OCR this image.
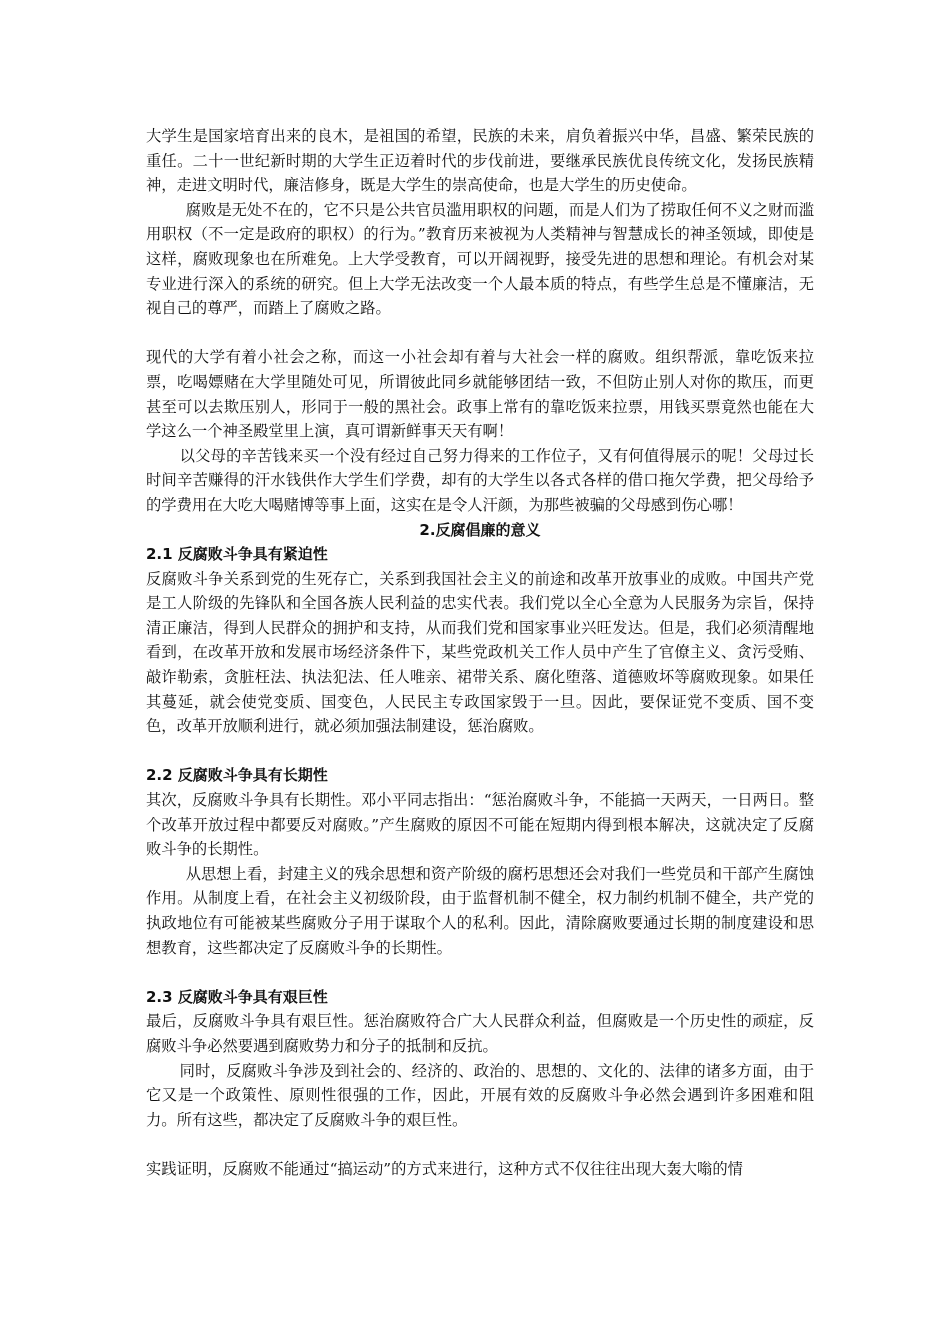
大学生是国家培育出来的良木，是祖国的希望，民族的未来，肩负着振兴中华，昌盛、繁荣民族的重任。二十一世纪新时期的大学生正迈着时代的步伐前进，要继承民族优良传统文化，发扬民族精神，走进文明时代，廉洁修身，既是大学生的崇高使命，也是大学生的历史使命。

腐败是无处不在的，它不只是公共官员滥用职权的问题，而是人们为了捞取任何不义之财而滥用职权（不一定是政府的职权）的行为。”教育历来被视为人类精神与智慧成长的神圣领域，即使是这样，腐败现象也在所难免。上大学受教育，可以开阔视野，接受先进的思想和理论。有机会对某专业进行深入的系统的研究。但上大学无法改变一个人最本质的特点，有些学生总是不懂廉洁，无视自己的尊严，而踏上了腐败之路。

现代的大学有着小社会之称，而这一小社会却有着与大社会一样的腐败。组织帮派，靠吃饭来拉票，吃喝嫖赌在大学里随处可见，所谓彼此同乡就能够团结一致，不但防止别人对你的欺压，而更甚至可以去欺压别人，形同于一般的黑社会。政事上常有的靠吃饭来拉票，用钱买票竟然也能在大学这么一个神圣殿堂里上演，真可谓新鲜事天天有啊！

以父母的辛苦钱来买一个没有经过自己努力得来的工作位子，又有何值得展示的呢！父母过长时间辛苦赚得的汗水钱供作大学生们学费，却有的大学生以各式各样的借口拖欠学费，把父母给予的学费用在大吃大喝赌博等事上面，这实在是令人汗颜，为那些被骗的父母感到伤心哪！

2.反腐倡廉的意义

2.1 反腐败斗争具有紧迫性

反腐败斗争关系到党的生死存亡，关系到我国社会主义的前途和改革开放事业的成败。中国共产党是工人阶级的先锋队和全国各族人民利益的忠实代表。我们党以全心全意为人民服务为宗旨，保持清正廉洁，得到人民群众的拥护和支持，从而我们党和国家事业兴旺发达。但是，我们必须清醒地看到，在改革开放和发展市场经济条件下，某些党政机关工作人员中产生了官僚主义、贪污受贿、敲诈勒索，贪脏枉法、执法犯法、任人唯亲、裙带关系、腐化堕落、道德败坏等腐败现象。如果任其蔓延，就会使党变质、国变色，人民民主专政国家毁于一旦。因此，要保证党不变质、国不变色，改革开放顺利进行，就必须加强法制建设，惩治腐败。

2.2 反腐败斗争具有长期性

其次，反腐败斗争具有长期性。邓小平同志指出：“惩治腐败斗争，不能搞一天两天，一日两日。整个改革开放过程中都要反对腐败。”产生腐败的原因不可能在短期内得到根本解决，这就决定了反腐败斗争的长期性。

从思想上看，封建主义的残余思想和资产阶级的腐朽思想还会对我们一些党员和干部产生腐蚀作用。从制度上看，在社会主义初级阶段，由于监督机制不健全，权力制约机制不健全，共产党的执政地位有可能被某些腐败分子用于谋取个人的私利。因此，清除腐败要通过长期的制度建设和思想教育，这些都决定了反腐败斗争的长期性。

2.3 反腐败斗争具有艰巨性

最后，反腐败斗争具有艰巨性。惩治腐败符合广大人民群众利益，但腐败是一个历史性的顽症，反腐败斗争必然要遇到腐败势力和分子的抵制和反抗。

同时，反腐败斗争涉及到社会的、经济的、政治的、思想的、文化的、法律的诸多方面，由于它又是一个政策性、原则性很强的工作，因此，开展有效的反腐败斗争必然会遇到许多困难和阻力。所有这些，都决定了反腐败斗争的艰巨性。

实践证明，反腐败不能通过“搞运动”的方式来进行，这种方式不仅往往出现大轰大嗡的情
